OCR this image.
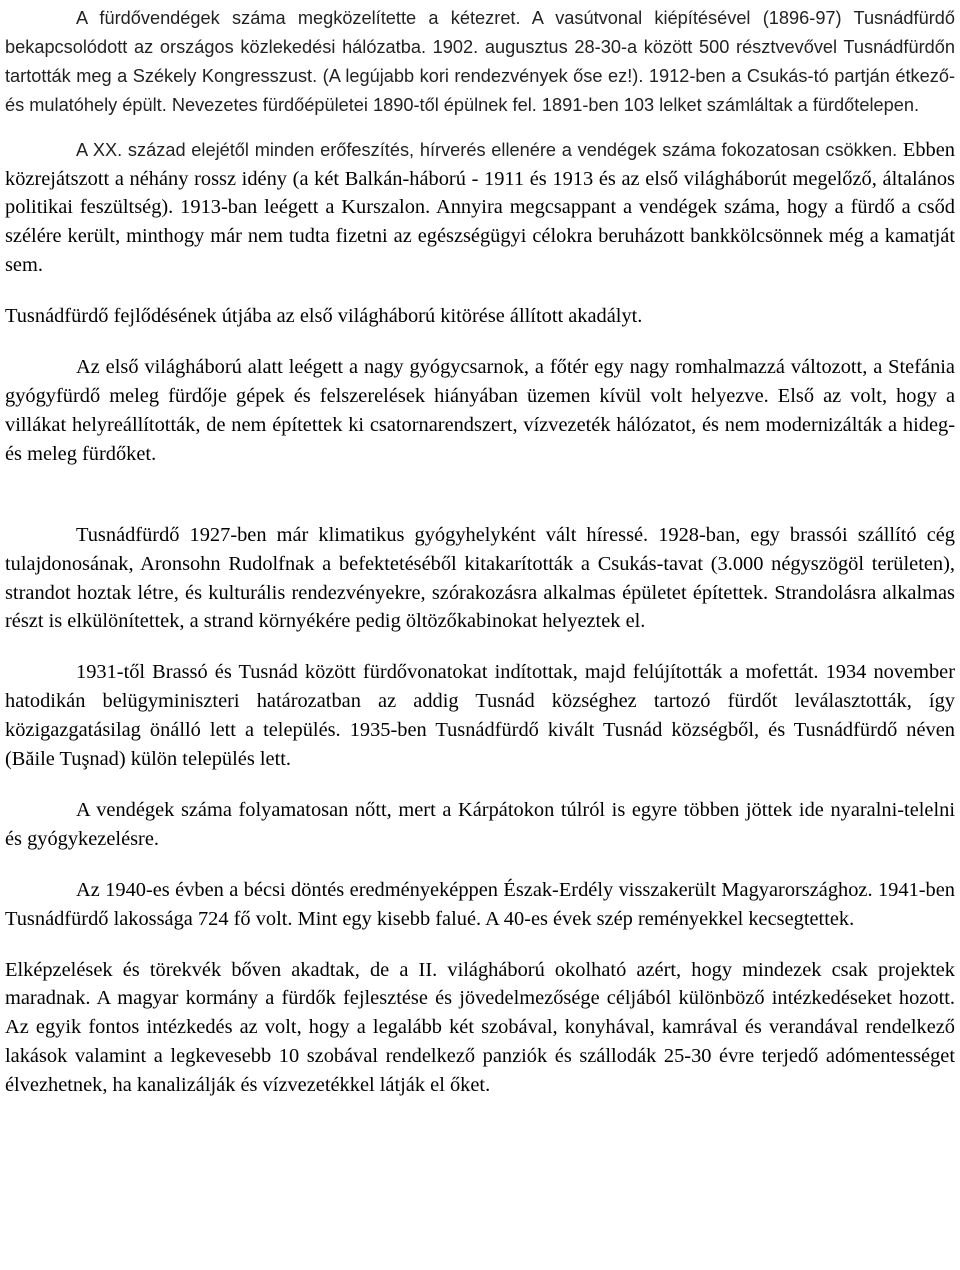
A fürdővendégek száma megközelítette a kétezret. A vasútvonal kiépítésével (1896-97) Tusnádfürdő bekapcsolódott az országos közlekedési hálózatba. 1902. augusztus 28-30-a között 500 résztvevővel Tusnádfürdőn tartották meg a Székely Kongresszust. (A legújabb kori rendezvények őse ez!). 1912-ben a Csukás-tó partján étkező- és mulatóhely épült. Nevezetes fürdőépületei 1890-től épülnek fel. 1891-ben 103 lelket számláltak a fürdőtelepen.

A XX. század elejétől minden erőfeszítés, hírverés ellenére a vendégek száma fokozatosan csökken. Ebben közrejátszott a néhány rossz idény (a két Balkán-háború - 1911 és 1913 és az első világháborút megelőző, általános politikai feszültség). 1913-ban leégett a Kurszalon. Annyira megcsappant a vendégek száma, hogy a fürdő a csőd szélére került, minthogy már nem tudta fizetni az egészségügyi célokra beruházott bankkölcsönnek még a kamatját sem.

Tusnádfürdő fejlődésének útjába az első világháború kitörése állított akadályt.

Az első világháború alatt leégett a nagy gyógycsarnok, a főtér egy nagy romhalmazzá változott, a Stefánia gyógyfürdő meleg fürdője gépek és felszerelések hiányában üzemen kívül volt helyezve. Első az volt, hogy a villákat helyreállították, de nem építettek ki csatornarendszert, vízvezeték hálózatot, és nem modernizálták a hideg- és meleg fürdőket.

Tusnádfürdő 1927-ben már klimatikus gyógyhelyként vált híressé. 1928-ban, egy brassói szállító cég tulajdonosának, Aronsohn Rudolfnak a befektetéséből kitakarították a Csukás-tavat (3.000 négyszögöl területen), strandot hoztak létre, és kulturális rendezvényekre, szórakozásra alkalmas épületet építettek. Strandolásra alkalmas részt is elkülönítettek, a strand környékére pedig öltözőkabinokat helyeztek el.

1931-től Brassó és Tusnád között fürdővonatokat indítottak, majd felújították a mofettát. 1934 november hatodikán belügyminiszteri határozatban az addig Tusnád községhez tartozó fürdőt leválasztották, így közigazgatásilag önálló lett a település. 1935-ben Tusnádfürdő kivált Tusnád községből, és Tusnádfürdő néven (Băile Tuşnad) külön település lett.

A vendégek száma folyamatosan nőtt, mert a Kárpátokon túlról is egyre többen jöttek ide nyaralni-telelni és gyógykezelésre.

Az 1940-es évben a bécsi döntés eredményeképpen Észak-Erdély visszakerült Magyarországhoz. 1941-ben Tusnádfürdő lakossága 724 fő volt. Mint egy kisebb falué. A 40-es évek szép reményekkel kecsegtettek.

Elképzelések és törekvék bőven akadtak, de a II. világháború okolható azért, hogy mindezek csak projektek maradnak. A magyar kormány a fürdők fejlesztése és jövedelmezősége céljából különböző intézkedéseket hozott. Az egyik fontos intézkedés az volt, hogy a legalább két szobával, konyhával, kamrával és verandával rendelkező lakások valamint a legkevesebb 10 szobával rendelkező panziók és szállodák 25-30 évre terjedő adómentességet élvezhetnek, ha kanalizálják és vízvezetékkel látják el őket.
